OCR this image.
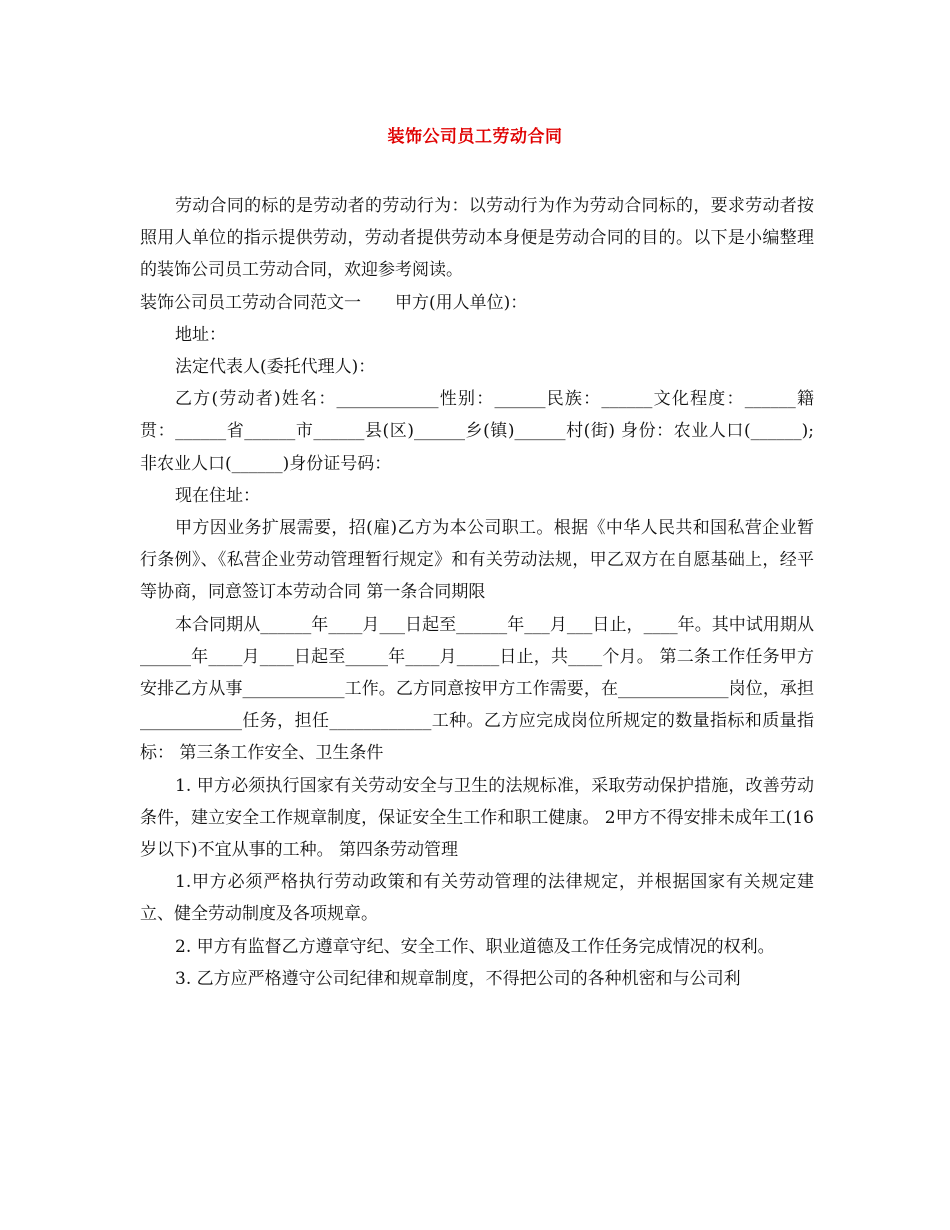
装饰公司员工劳动合同

劳动合同的标的是劳动者的劳动行为：以劳动行为作为劳动合同标的，要求劳动者按照用人单位的指示提供劳动，劳动者提供劳动本身便是劳动合同的目的。以下是小编整理的装饰公司员工劳动合同，欢迎参考阅读。

装饰公司员工劳动合同范文一　　甲方(用人单位)：

地址：

法定代表人(委托代理人)：

乙方(劳动者)姓名：____________性别：______民族：______文化程度：______籍贯：______省______市______县(区)______乡(镇)______村(街) 身份：农业人口(______);非农业人口(______)身份证号码：

现在住址：

甲方因业务扩展需要，招(雇)乙方为本公司职工。根据《中华人民共和国私营企业暂行条例》、《私营企业劳动管理暂行规定》和有关劳动法规，甲乙双方在自愿基础上，经平等协商，同意签订本劳动合同 第一条合同期限

本合同期从______年____月___日起至______年___月___日止，____年。其中试用期从______年____月____日起至_____年____月_____日止，共____个月。 第二条工作任务甲方安排乙方从事____________工作。乙方同意按甲方工作需要，在_____________岗位，承担____________任务，担任____________工种。乙方应完成岗位所规定的数量指标和质量指标： 第三条工作安全、卫生条件

1. 甲方必须执行国家有关劳动安全与卫生的法规标准，采取劳动保护措施，改善劳动条件，建立安全工作规章制度，保证安全生工作和职工健康。 2甲方不得安排未成年工(16岁以下)不宜从事的工种。 第四条劳动管理

1.甲方必须严格执行劳动政策和有关劳动管理的法律规定，并根据国家有关规定建立、健全劳动制度及各项规章。

2. 甲方有监督乙方遵章守纪、安全工作、职业道德及工作任务完成情况的权利。

3. 乙方应严格遵守公司纪律和规章制度，不得把公司的各种机密和与公司利
